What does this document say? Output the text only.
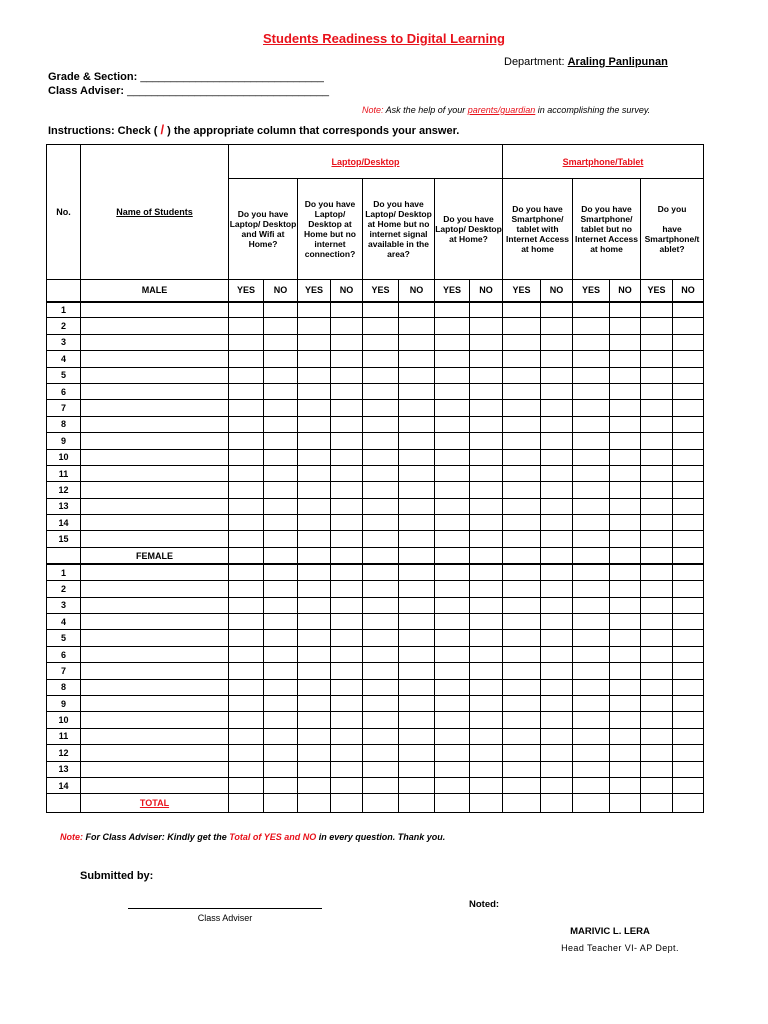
Students Readiness to Digital Learning
Department: Araling Panlipunan
Grade & Section: ______________________________
Class Adviser: _________________________________
Note: Ask the help of your parents/guardian in accomplishing the survey.
Instructions: Check ( / ) the appropriate column that corresponds your answer.
No.	Name of Students	Laptop/Desktop								Smartphone/Tablet					
		Do you have Laptop/ Desktop and Wifi at Home?		Do you have Laptop/ Desktop at Home but no internet connection?		Do you have Laptop/ Desktop at Home but no internet signal available in the area?		Do you have Laptop/ Desktop at Home?		Do you have Smartphone/ tablet with Internet Access at home		Do you have Smartphone/ tablet but no Internet Access at home		Do you

have Smartphone/t ablet?	
	MALE	YES	NO	YES	NO	YES	NO	YES	NO	YES	NO	YES	NO	YES	NO
1															
2															
3															
4															
5															
6															
7															
8															
9															
10															
11															
12															
13															
14															
15															
	FEMALE														
1															
2															
3															
4															
5															
6															
7															
8															
9															
10															
11															
12															
13															
14															
	TOTAL														
Note: For Class Adviser: Kindly get the Total of YES and NO in every question. Thank you.
Submitted by:
Class Adviser
Noted:
MARIVIC L. LERA
Head Teacher VI- AP Dept.
